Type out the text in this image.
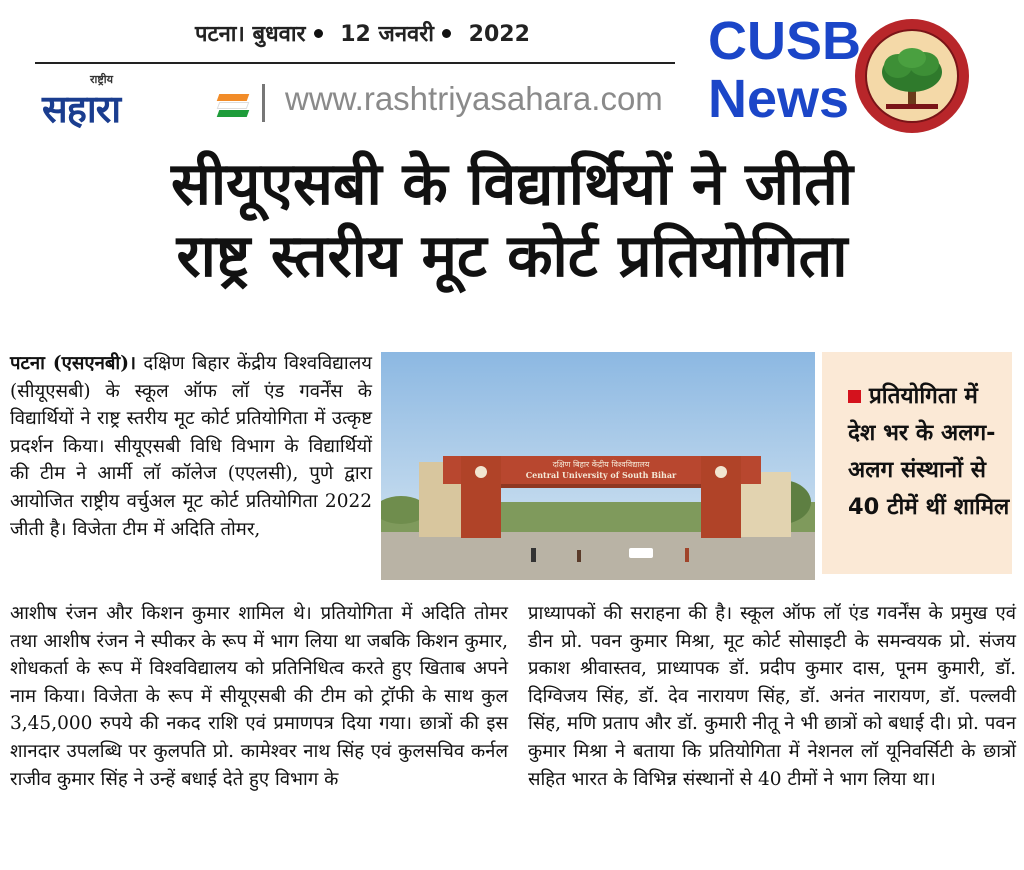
पटना। बुधवार 12 जनवरी 2022
राष्ट्रीय
सहारा	www.rashtriyasahara.com
CUSB
News
सीयूएसबी के विद्यार्थियों ने जीती
राष्ट्र स्तरीय मूट कोर्ट प्रतियोगिता
पटना (एसएनबी)। दक्षिण बिहार केंद्रीय विश्वविद्यालय (सीयूएसबी) के स्कूल ऑफ लॉ एंड गवर्नेंस के विद्यार्थियों ने राष्ट्र स्तरीय मूट कोर्ट प्रतियोगिता में उत्कृष्ट प्रदर्शन किया। सीयूएसबी विधि विभाग के विद्यार्थियों की टीम ने आर्मी लॉ कॉलेज (एएलसी), पुणे द्वारा आयोजित राष्ट्रीय वर्चुअल मूट कोर्ट प्रतियोगिता 2022 जीती है। विजेता टीम में अदिति तोमर,
दक्षिण बिहार केंद्रीय विश्वविद्यालय
Central University of South Bihar
प्रतियोगिता में देश भर के अलग-अलग संस्थानों से 40 टीमें थीं शामिल
आशीष रंजन और किशन कुमार शामिल थे। प्रतियोगिता में अदिति तोमर तथा आशीष रंजन ने स्पीकर के रूप में भाग लिया था जबकि किशन कुमार, शोधकर्ता के रूप में विश्वविद्यालय को प्रतिनिधित्व करते हुए खिताब अपने नाम किया। विजेता के रूप में सीयूएसबी की टीम को ट्रॉफी के साथ कुल 3,45,000 रुपये की नकद राशि एवं प्रमाणपत्र दिया गया। छात्रों की इस शानदार उपलब्धि पर कुलपति प्रो. कामेश्वर नाथ सिंह एवं कुलसचिव कर्नल राजीव कुमार सिंह ने उन्हें बधाई देते हुए विभाग के
प्राध्यापकों की सराहना की है। स्कूल ऑफ लॉ एंड गवर्नेंस के प्रमुख एवं डीन प्रो. पवन कुमार मिश्रा, मूट कोर्ट सोसाइटी के समन्वयक प्रो. संजय प्रकाश श्रीवास्तव, प्राध्यापक डॉ. प्रदीप कुमार दास, पूनम कुमारी, डॉ. दिग्विजय सिंह, डॉ. देव नारायण सिंह, डॉ. अनंत नारायण, डॉ. पल्लवी सिंह, मणि प्रताप और डॉ. कुमारी नीतू ने भी छात्रों को बधाई दी। प्रो. पवन कुमार मिश्रा ने बताया कि प्रतियोगिता में नेशनल लॉ यूनिवर्सिटी के छात्रों सहित भारत के विभिन्न संस्थानों से 40 टीमों ने भाग लिया था।
